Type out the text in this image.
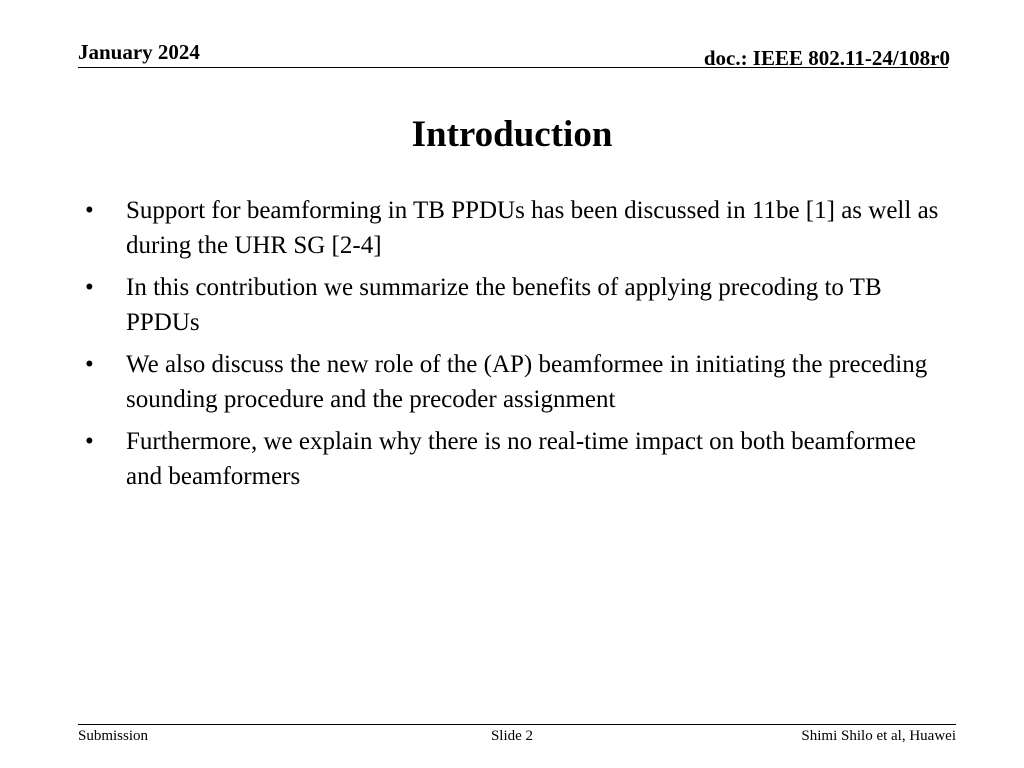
January 2024	doc.: IEEE 802.11-24/108r0
Introduction
• Support for beamforming in TB PPDUs has been discussed in 11be [1] as well as during the UHR SG [2-4]
• In this contribution we summarize the benefits of applying precoding to TB PPDUs
• We also discuss the new role of the (AP) beamformee in initiating the preceding sounding procedure and the precoder assignment
• Furthermore, we explain why there is no real-time impact on both beamformee and beamformers
Submission	Slide 2	Shimi Shilo et al, Huawei
